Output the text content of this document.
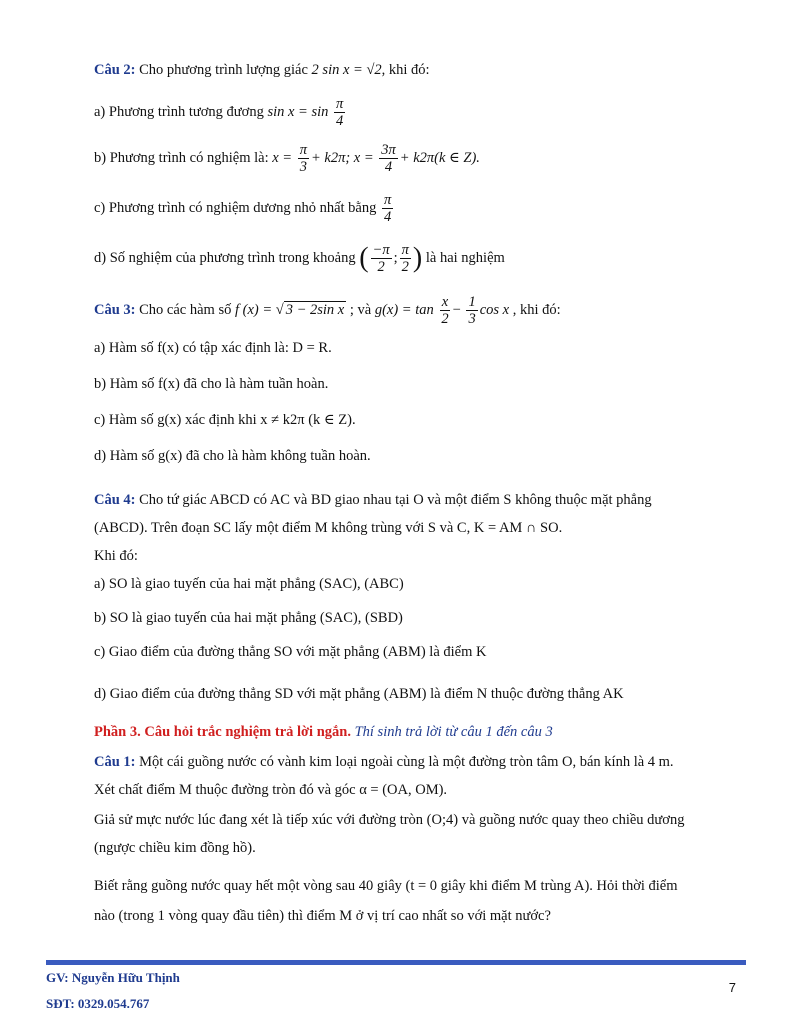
Câu 2: Cho phương trình lượng giác 2 sin x = √2, khi đó:
a) Phương trình tương đương $\sin x = \sin \frac{\pi}{4}$
b) Phương trình có nghiệm là: $x = \frac{\pi}{3} + k2\pi$; $x = \frac{3\pi}{4} + k2\pi(k$ ∈ Z).
c) Phương trình có nghiệm dương nhỏ nhất bằng $\frac{\pi}{4}$
d) Số nghiệm của phương trình trong khoảng ( $\frac{-\pi}{2}$ ; $\frac{\pi}{2}$ ) là hai nghiệm
Câu 3: Cho các hàm số f (x) = √ 3 − 2sin x ; và $g(x) = \tan \frac{x}{2} - \frac{1}{3}$ cos x , khi đó:
a) Hàm số f(x) có tập xác định là: D = R.
b) Hàm số f(x) đã cho là hàm tuần hoàn.
c) Hàm số g(x) xác định khi x ≠ k2π (k ∈ Z).
d) Hàm số g(x) đã cho là hàm không tuần hoàn.
Câu 4: Cho tứ giác ABCD có AC và BD giao nhau tại O và một điểm S không thuộc mặt phẳng
(ABCD). Trên đoạn SC lấy một điểm M không trùng với S và C, K = AM ∩ SO.
Khi đó:
a) SO là giao tuyến của hai mặt phẳng (SAC), (ABC)
b) SO là giao tuyến của hai mặt phẳng (SAC), (SBD)
c) Giao điểm của đường thẳng SO với mặt phẳng (ABM) là điểm K
d) Giao điểm của đường thẳng SD với mặt phẳng (ABM) là điểm N thuộc đường thẳng AK
Phần 3. Câu hỏi trắc nghiệm trả lời ngắn. Thí sinh trả lời từ câu 1 đến câu 3
Câu 1: Một cái guồng nước có vành kim loại ngoài cùng là một đường tròn tâm O, bán kính là 4 m.
Xét chất điểm M thuộc đường tròn đó và góc α = (OA, OM).
Giả sử mực nước lúc đang xét là tiếp xúc với đường tròn (O;4) và guồng nước quay theo chiều dương
(ngược chiều kim đồng hồ).
Biết rằng guồng nước quay hết một vòng sau 40 giây (t = 0 giây khi điểm M trùng A). Hỏi thời điểm
nào (trong 1 vòng quay đầu tiên) thì điểm M ở vị trí cao nhất so với mặt nước?
GV: Nguyễn Hữu Thịnh
SĐT: 0329.054.767
7
